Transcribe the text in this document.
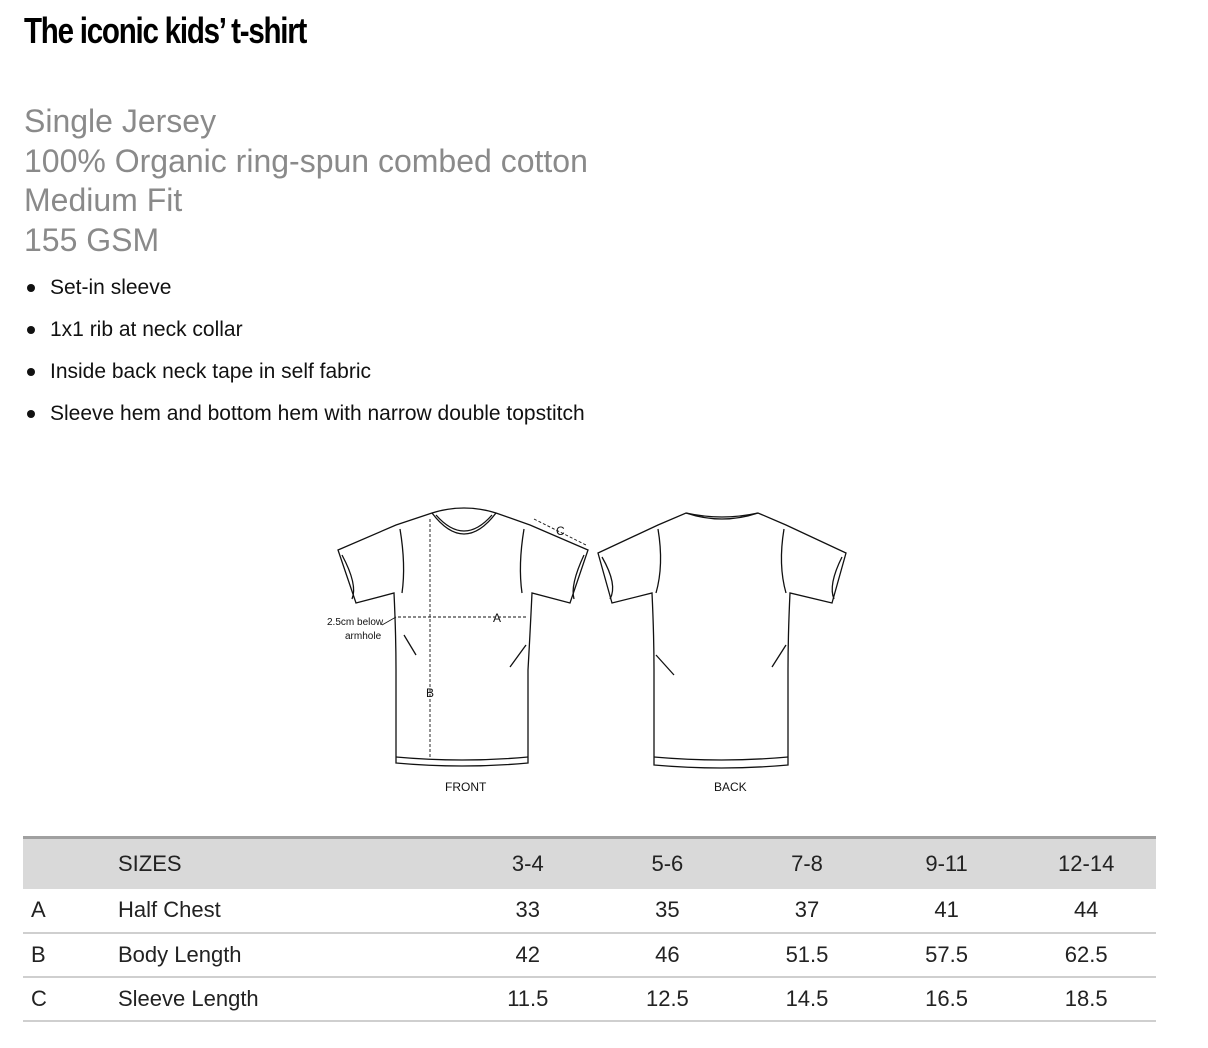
The iconic kids’ t-shirt
Single Jersey
100% Organic ring-spun combed cotton
Medium Fit
155 GSM
Set-in sleeve
1x1 rib at neck collar
Inside back neck tape in self fabric
Sleeve hem and bottom hem with narrow double topstitch
B
A
C
2.5cm below
armhole
FRONT	BACK
	SIZES	3-4	5-6	7-8	9-11	12-14
A	Half Chest	33	35	37	41	44
B	Body Length	42	46	51.5	57.5	62.5
C	Sleeve Length	11.5	12.5	14.5	16.5	18.5
